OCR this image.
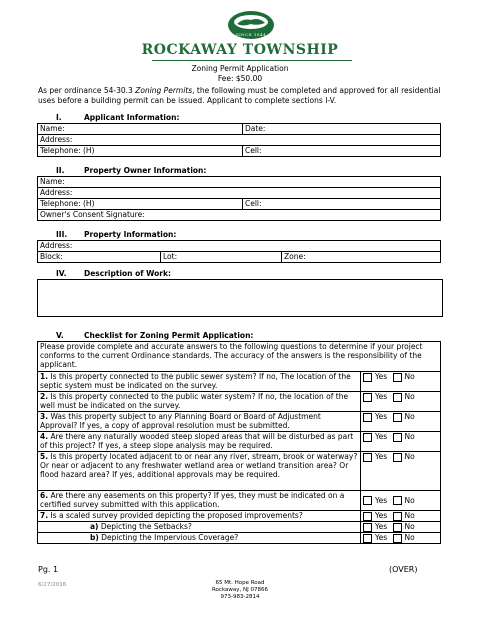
SINCE 1844
ROCKAWAY TOWNSHIP
Zoning Permit Application
Fee: $50.00
As per ordinance 54-30.3 Zoning Permits, the following must be completed and approved for all residential uses before a building permit can be issued. Applicant to complete sections I-V.
I.	Applicant Information:
Name:	Date:
Address:	
Telephone: (H)	Cell:
II.	Property Owner Information:
Name:
Address:
Telephone: (H)	Cell:
Owner's Consent Signature:
III. Property Information:
Address:
Block:	Lot:	Zone:
IV. Description of Work:
V.	Checklist for Zoning Permit Application:
Please provide complete and accurate answers to the following questions to determine if your project conforms to the current Ordinance standards. The accuracy of the answers is the responsibility of the applicant.	
1. Is this property connected to the public sewer system? If no, The location of the septic system must be indicated on the survey.	Yes No
2. Is this property connected to the public water system? If no, the location of the well must be indicated on the survey.	Yes No
3. Was this property subject to any Planning Board or Board of Adjustment Approval? If yes, a copy of approval resolution must be submitted.	Yes No
4. Are there any naturally wooded steep sloped areas that will be disturbed as part of this project? If yes, a steep slope analysis may be required.	Yes No
5. Is this property located adjacent to or near any river, stream, brook or waterway? Or near or adjacent to any freshwater wetland area or wetland transition area? Or flood hazard area? If yes, additional approvals may be required.	Yes No
6. Are there any easements on this property? If yes, they must be indicated on a certified survey submitted with this application.	Yes No
7. Is a scaled survey provided depicting the proposed improvements?	Yes No
a) Depicting the Setbacks?	Yes No
b) Depicting the Impervious Coverage?	Yes No
Pg. 1	(OVER)
6/27/2016	65 Mt. Hope Road
Rockaway, NJ 07866
973-983-2814
